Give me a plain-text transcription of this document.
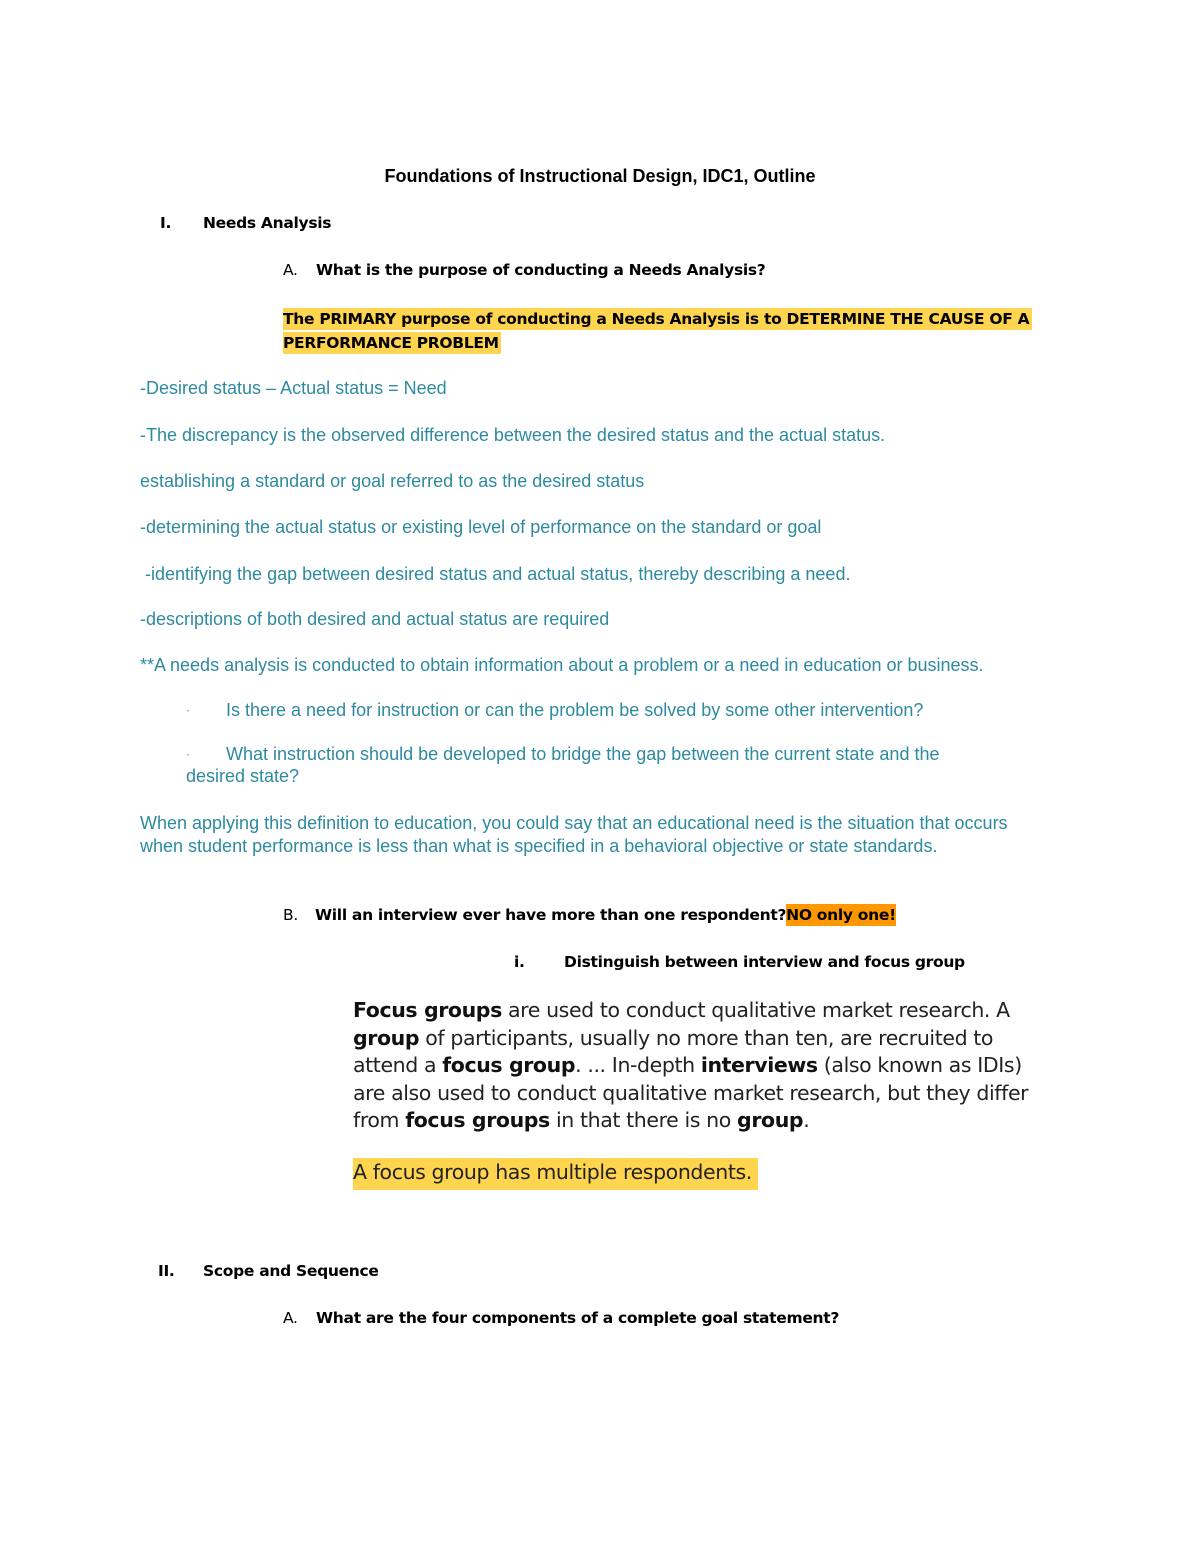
Foundations of Instructional Design, IDC1, Outline

I. Needs Analysis
A. What is the purpose of conducting a Needs Analysis?
The PRIMARY purpose of conducting a Needs Analysis is to DETERMINE THE CAUSE OF A
PERFORMANCE PROBLEM

-Desired status – Actual status = Need

-The discrepancy is the observed difference between the desired status and the actual status.

establishing a standard or goal referred to as the desired status

-determining the actual status or existing level of performance on the standard or goal

-identifying the gap between desired status and actual status, thereby describing a need.

-descriptions of both desired and actual status are required

**A needs analysis is conducted to obtain information about a problem or a need in education or business.

· Is there a need for instruction or can the problem be solved by some other intervention?
· What instruction should be developed to bridge the gap between the current state and the
desired state?

When applying this definition to education, you could say that an educational need is the situation that occurs when student performance is less than what is specified in a behavioral objective or state standards.

B. Will an interview ever have more than one respondent?NO only one!

i.	Distinguish between interview and focus group
Focus groups are used to conduct qualitative market research. A
group of participants, usually no more than ten, are recruited to
attend a focus group. ... In-depth interviews (also known as IDIs)
are also used to conduct qualitative market research, but they differ
from focus groups in that there is no group.
A focus group has multiple respondents.
II. Scope and Sequence
A. What are the four components of a complete goal statement?
